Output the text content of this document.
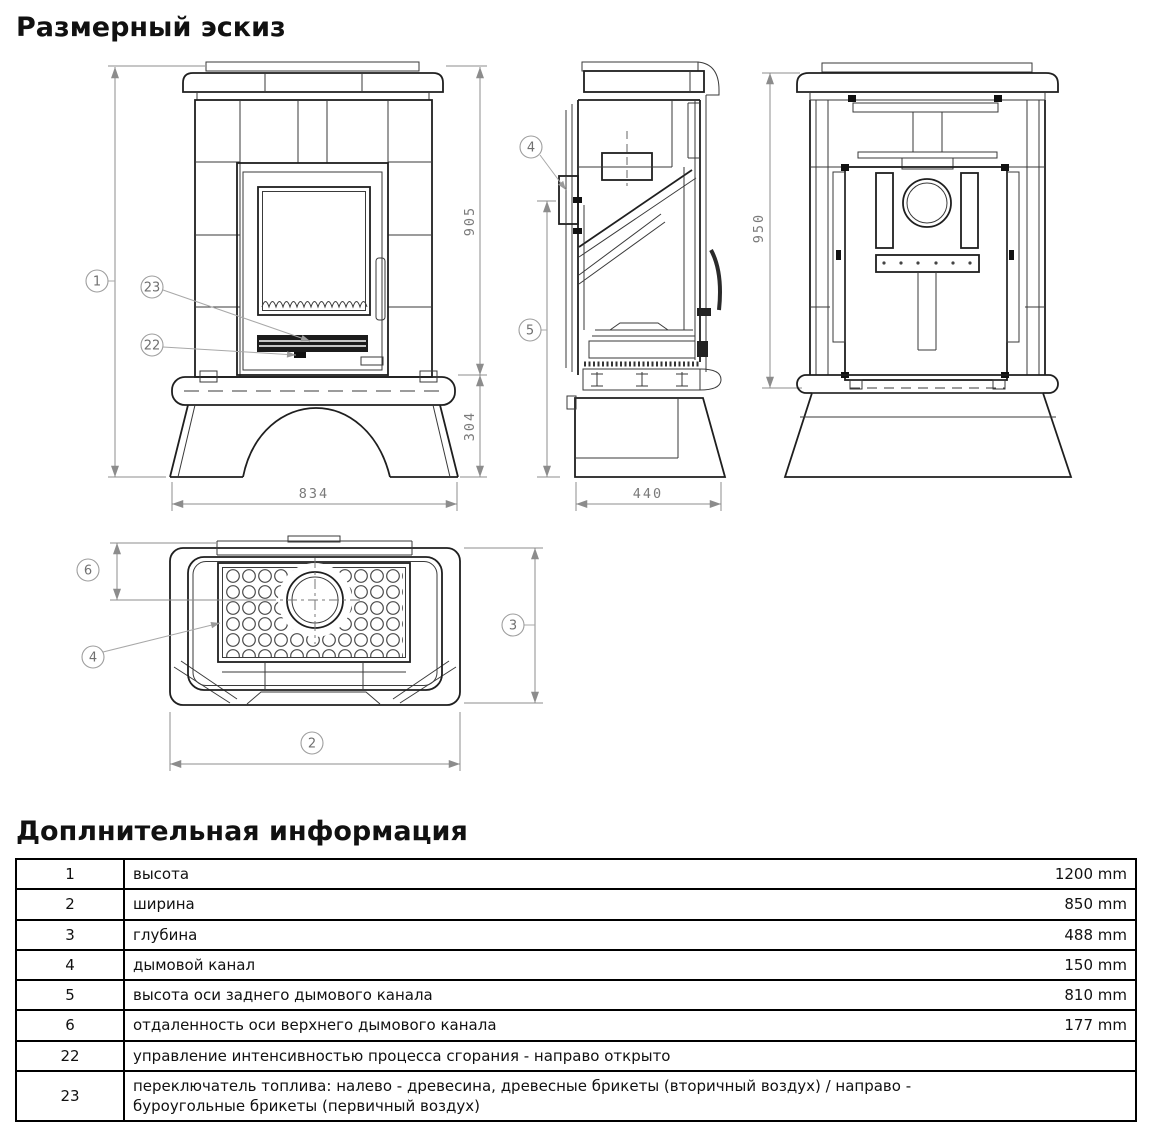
Размерный эскиз
1
905
304
834
23
22
4
5
440
950
6
4
3
2
Доплнительная информация
1	высота	1200 mm
2	ширина	850 mm
3	глубина	488 mm
4	дымовой канал	150 mm
5	высота оси заднего дымового канала	810 mm
6	отдаленность оси верхнего дымового канала	177 mm
22	управление интенсивностью процесса сгорания - направо открыто	
23	переключатель топлива: налево - древесина, древесные брикеты (вторичный воздух) / направо - буроугольные брикеты (первичный воздух)	
